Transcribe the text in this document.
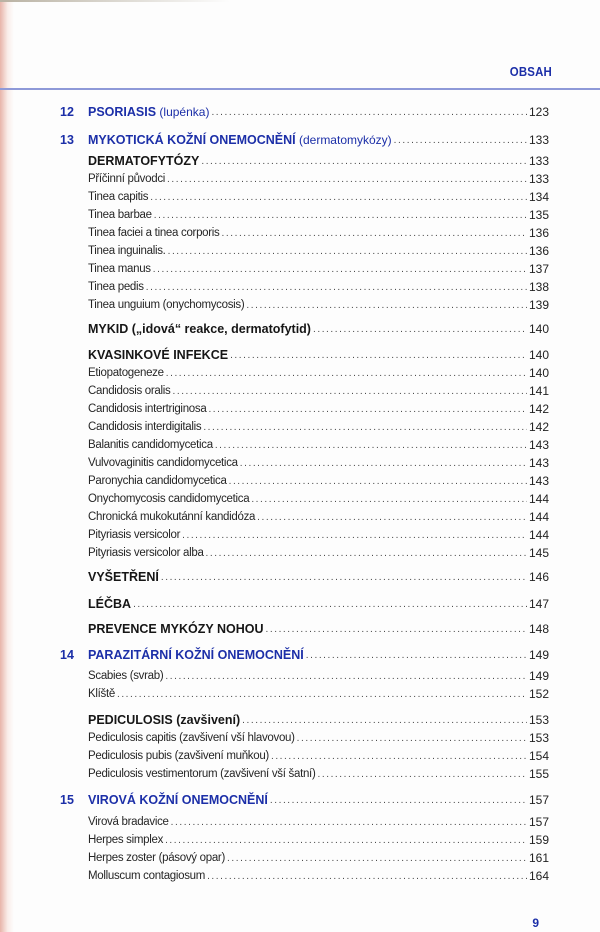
OBSAH
12 PSORIASIS (lupénka) . . .	123
13 MYKOTICKÁ KOŽNÍ ONEMOCNĚNÍ (dermatomykózy) . . .	133
DERMATOFYTÓZY . . .	133
Příčinní původci . . .	133
Tinea capitis . . .	134
Tinea barbae . . .	135
Tinea faciei a tinea corporis . . .	136
Tinea inguinalis. . . .	136
Tinea manus . . .	137
Tinea pedis . . .	138
Tinea unguium (onychomycosis) . . .	139
MYKID („idová“ reakce, dermatofytid) . . .	140
KVASINKOVÉ INFEKCE . . .	140
Etiopatogeneze . . .	140
Candidosis oralis . . .	141
Candidosis intertriginosa . . .	142
Candidosis interdigitalis . . .	142
Balanitis candidomycetica . . .	143
Vulvovaginitis candidomycetica . . .	143
Paronychia candidomycetica . . .	143
Onychomycosis candidomycetica . . .	144
Chronická mukokutánní kandidóza . . .	144
Pityriasis versicolor . . .	144
Pityriasis versicolor alba . . .	145
VYŠETŘENÍ . . .	146
LÉČBA . . .	147
PREVENCE MYKÓZY NOHOU . . .	148
14 PARAZITÁRNÍ KOŽNÍ ONEMOCNĚNÍ . . .	149
Scabies (svrab) . . .	149
Klíště . . .	152
PEDICULOSIS (zavšivení) . . .	153
Pediculosis capitis (zavšivení vší hlavovou) . . .	153
Pediculosis pubis (zavšivení muňkou) . . .	154
Pediculosis vestimentorum (zavšivení vší šatní) . . .	155
15 VIROVÁ KOŽNÍ ONEMOCNĚNÍ . . .	157
Virová bradavice . . .	157
Herpes simplex . . .	159
Herpes zoster (pásový opar) . . .	161
Molluscum contagiosum . . .	164
9
